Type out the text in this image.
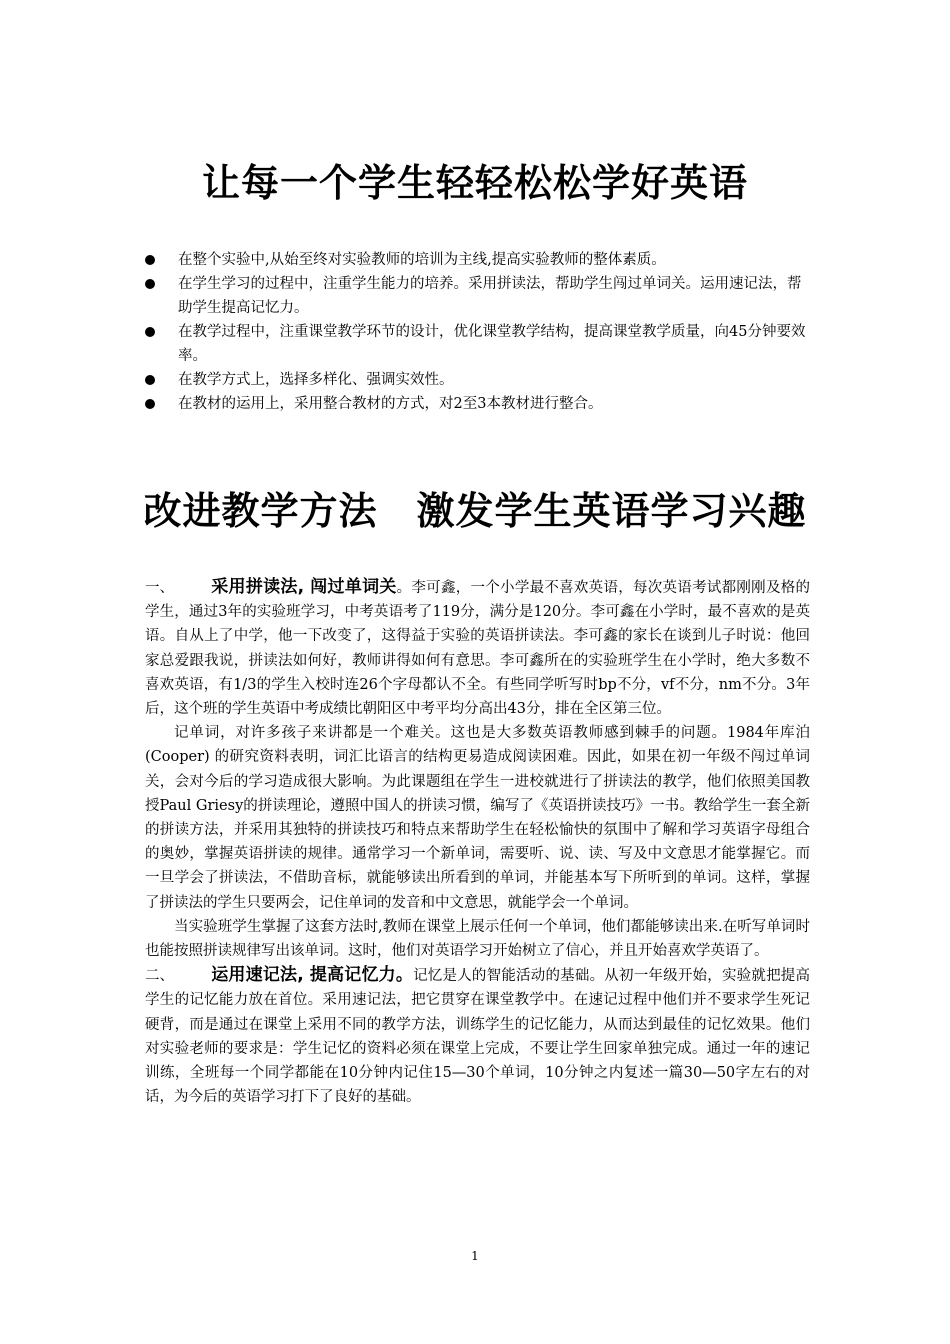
让每一个学生轻轻松松学好英语
在整个实验中,从始至终对实验教师的培训为主线,提高实验教师的整体素质。
在学生学习的过程中，注重学生能力的培养。采用拼读法，帮助学生闯过单词关。运用速记法，帮助学生提高记忆力。
在教学过程中，注重课堂教学环节的设计，优化课堂教学结构，提高课堂教学质量，向45分钟要效率。
在教学方式上，选择多样化、强调实效性。
在教材的运用上，采用整合教材的方式，对2至3本教材进行整合。
改进教学方法　激发学生英语学习兴趣

一、 采用拼读法, 闯过单词关。李可鑫，一个小学最不喜欢英语，每次英语考试都刚刚及格的学生，通过3年的实验班学习，中考英语考了119分，满分是120分。李可鑫在小学时，最不喜欢的是英语。自从上了中学，他一下改变了，这得益于实验的英语拼读法。李可鑫的家长在谈到儿子时说：他回家总爱跟我说，拼读法如何好，教师讲得如何有意思。李可鑫所在的实验班学生在小学时，绝大多数不喜欢英语，有1/3的学生入校时连26个字母都认不全。有些同学听写时bp不分，vf不分，nm不分。3年后，这个班的学生英语中考成绩比朝阳区中考平均分高出43分，排在全区第三位。

记单词，对许多孩子来讲都是一个难关。这也是大多数英语教师感到棘手的问题。1984年库泊(Cooper) 的研究资料表明，词汇比语言的结构更易造成阅读困难。因此，如果在初一年级不闯过单词关，会对今后的学习造成很大影响。为此课题组在学生一进校就进行了拼读法的教学，他们依照美国教授Paul Griesy的拼读理论，遵照中国人的拼读习惯，编写了《英语拼读技巧》一书。教给学生一套全新的拼读方法，并采用其独特的拼读技巧和特点来帮助学生在轻松愉快的氛围中了解和学习英语字母组合的奥妙，掌握英语拼读的规律。通常学习一个新单词，需要听、说、读、写及中文意思才能掌握它。而一旦学会了拼读法，不借助音标，就能够读出所看到的单词，并能基本写下所听到的单词。这样，掌握了拼读法的学生只要两会，记住单词的发音和中文意思，就能学会一个单词。

当实验班学生掌握了这套方法时,教师在课堂上展示任何一个单词，他们都能够读出来.在听写单词时也能按照拼读规律写出该单词。这时，他们对英语学习开始树立了信心，并且开始喜欢学英语了。

二、 运用速记法, 提高记忆力。记忆是人的智能活动的基础。从初一年级开始，实验就把提高学生的记忆能力放在首位。采用速记法，把它贯穿在课堂教学中。在速记过程中他们并不要求学生死记硬背，而是通过在课堂上采用不同的教学方法，训练学生的记忆能力，从而达到最佳的记忆效果。他们对实验老师的要求是：学生记忆的资料必须在课堂上完成，不要让学生回家单独完成。通过一年的速记训练，全班每一个同学都能在10分钟内记住15—30个单词，10分钟之内复述一篇30—50字左右的对话，为今后的英语学习打下了良好的基础。

1
